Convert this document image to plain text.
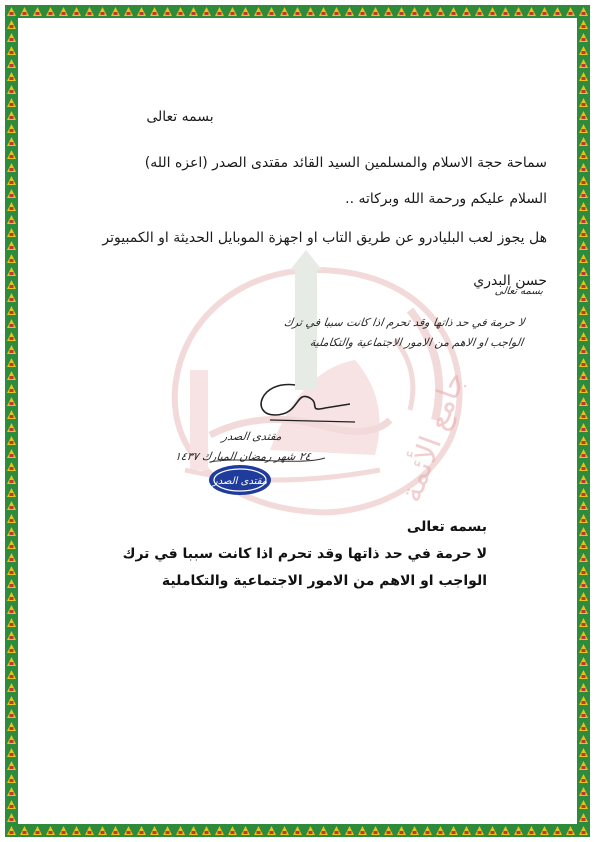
جامع الأئمة
بسمه تعالى
سماحة حجة الاسلام والمسلمين السيد القائد مقتدى الصدر (اعزه الله)
السلام عليكم ورحمة الله وبركاته ..
هل يجوز لعب البليادرو عن طريق التاب او اجهزة الموبايل الحديثة او الكمبيوتر
حسن البدري
بسمه تعالى
لا حرمة في حد ذاتها وقد تحرم اذا كانت سببا في ترك
الواجب او الاهم من الامور الاجتماعية والتكاملية
مقتدى الصدر
٢٤ شهر رمضان المبارك ١٤٣٧
مقتدى الصدر
بسمه تعالى
لا حرمة في حد ذاتها وقد تحرم اذا كانت سببا في ترك
الواجب او الاهم من الامور الاجتماعية والتكاملية
